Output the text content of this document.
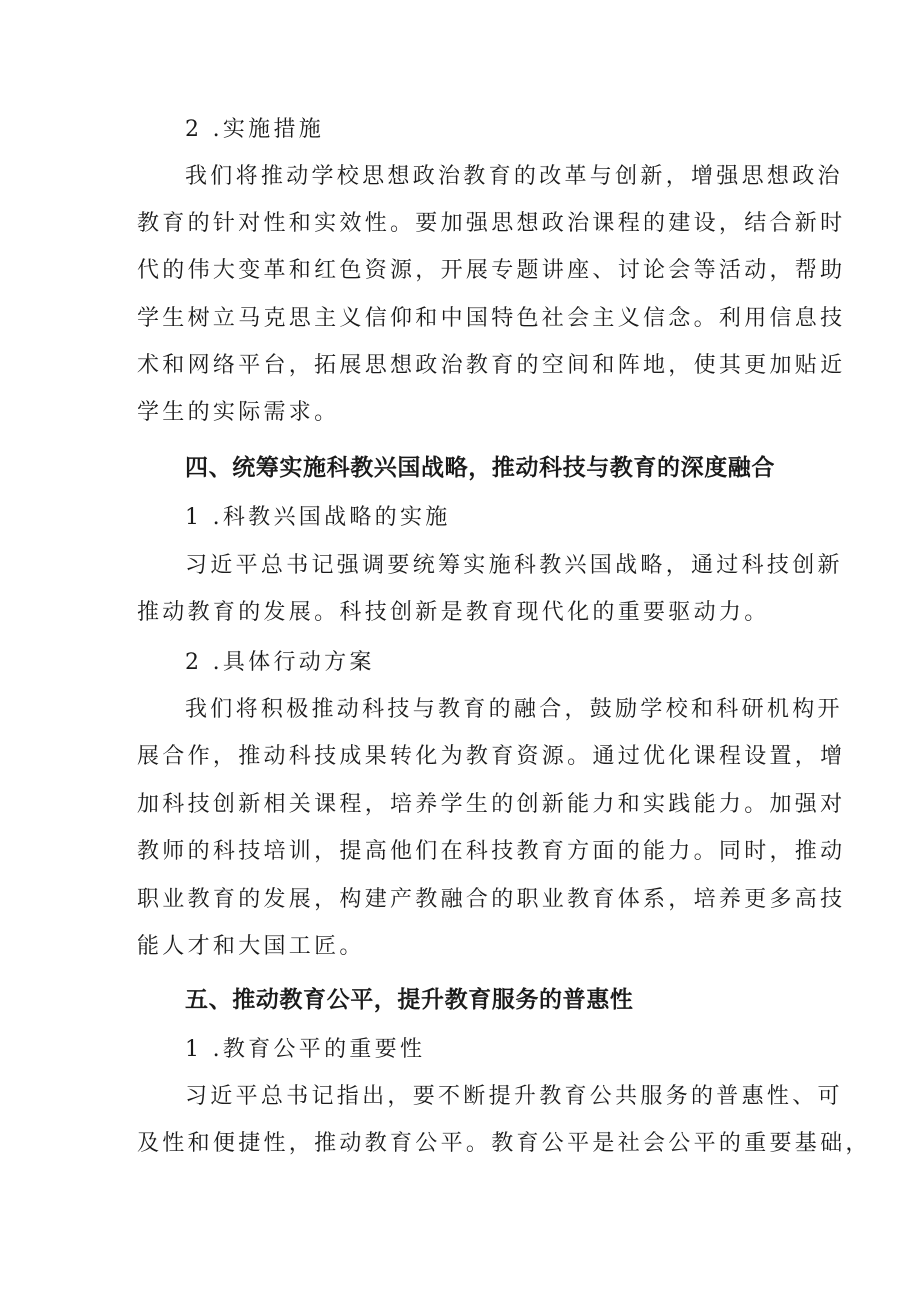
2 .实施措施
我们将推动学校思想政治教育的改革与创新，增强思想政治
教育的针对性和实效性。要加强思想政治课程的建设，结合新时
代的伟大变革和红色资源，开展专题讲座、讨论会等活动，帮助
学生树立马克思主义信仰和中国特色社会主义信念。利用信息技
术和网络平台，拓展思想政治教育的空间和阵地，使其更加贴近
学生的实际需求。
四、统筹实施科教兴国战略，推动科技与教育的深度融合
1 .科教兴国战略的实施
习近平总书记强调要统筹实施科教兴国战略，通过科技创新
推动教育的发展。科技创新是教育现代化的重要驱动力。
2 .具体行动方案
我们将积极推动科技与教育的融合，鼓励学校和科研机构开
展合作，推动科技成果转化为教育资源。通过优化课程设置，增
加科技创新相关课程，培养学生的创新能力和实践能力。加强对
教师的科技培训，提高他们在科技教育方面的能力。同时，推动
职业教育的发展，构建产教融合的职业教育体系，培养更多高技
能人才和大国工匠。
五、推动教育公平，提升教育服务的普惠性
1 .教育公平的重要性
习近平总书记指出，要不断提升教育公共服务的普惠性、可
及性和便捷性，推动教育公平。教育公平是社会公平的重要基础，
